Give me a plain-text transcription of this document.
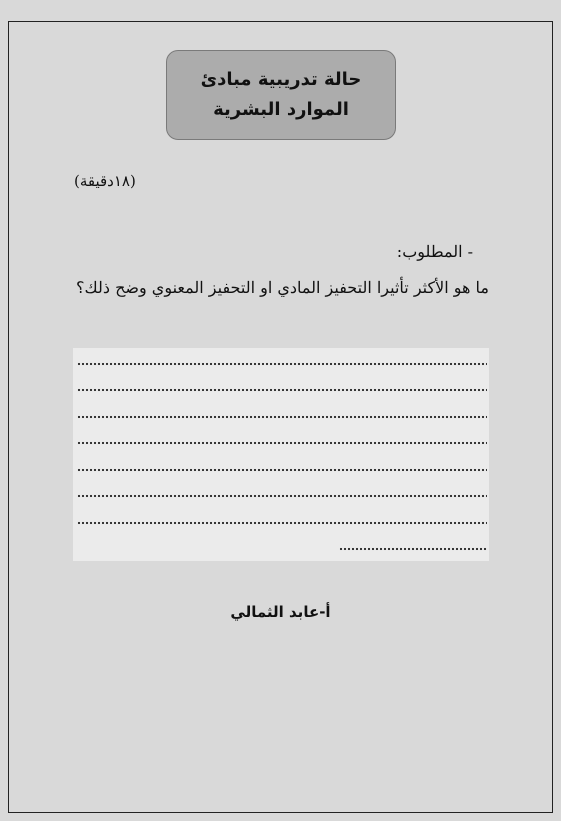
حالة تدريبية مبادئ
الموارد البشرية
(١٨دقيقة)
- المطلوب:
ما هو الأكثر تأثيرا التحفيز المادي او التحفيز المعنوي وضح ذلك؟
أ-عابد الثمالي
